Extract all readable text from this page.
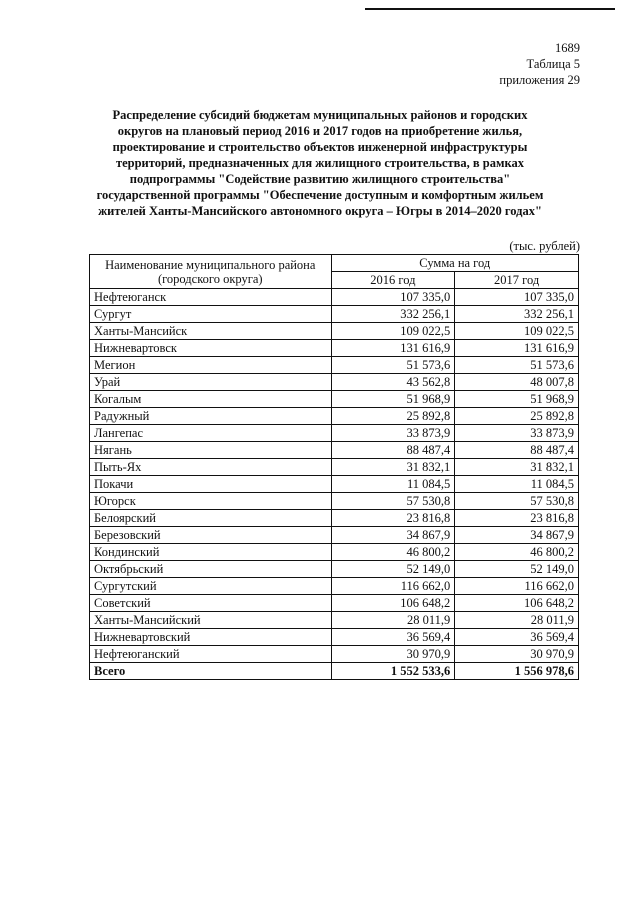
1689
Таблица 5
приложения 29
Распределение субсидий бюджетам муниципальных районов и городских
округов на плановый период 2016 и 2017 годов на приобретение жилья,
проектирование и строительство объектов инженерной инфраструктуры
территорий, предназначенных для жилищного строительства, в рамках
подпрограммы "Содействие развитию жилищного строительства"
государственной программы "Обеспечение доступным и комфортным жильем
жителей Ханты-Мансийского автономного округа – Югры в 2014–2020 годах"
(тыс. рублей)
Наименование муниципального района (городского округа)	Сумма на год	
	2016 год	2017 год
Нефтеюганск	107 335,0	107 335,0
Сургут	332 256,1	332 256,1
Ханты-Мансийск	109 022,5	109 022,5
Нижневартовск	131 616,9	131 616,9
Мегион	51 573,6	51 573,6
Урай	43 562,8	48 007,8
Когалым	51 968,9	51 968,9
Радужный	25 892,8	25 892,8
Лангепас	33 873,9	33 873,9
Нягань	88 487,4	88 487,4
Пыть-Ях	31 832,1	31 832,1
Покачи	11 084,5	11 084,5
Югорск	57 530,8	57 530,8
Белоярский	23 816,8	23 816,8
Березовский	34 867,9	34 867,9
Кондинский	46 800,2	46 800,2
Октябрьский	52 149,0	52 149,0
Сургутский	116 662,0	116 662,0
Советский	106 648,2	106 648,2
Ханты-Мансийский	28 011,9	28 011,9
Нижневартовский	36 569,4	36 569,4
Нефтеюганский	30 970,9	30 970,9
Всего	1 552 533,6	1 556 978,6
